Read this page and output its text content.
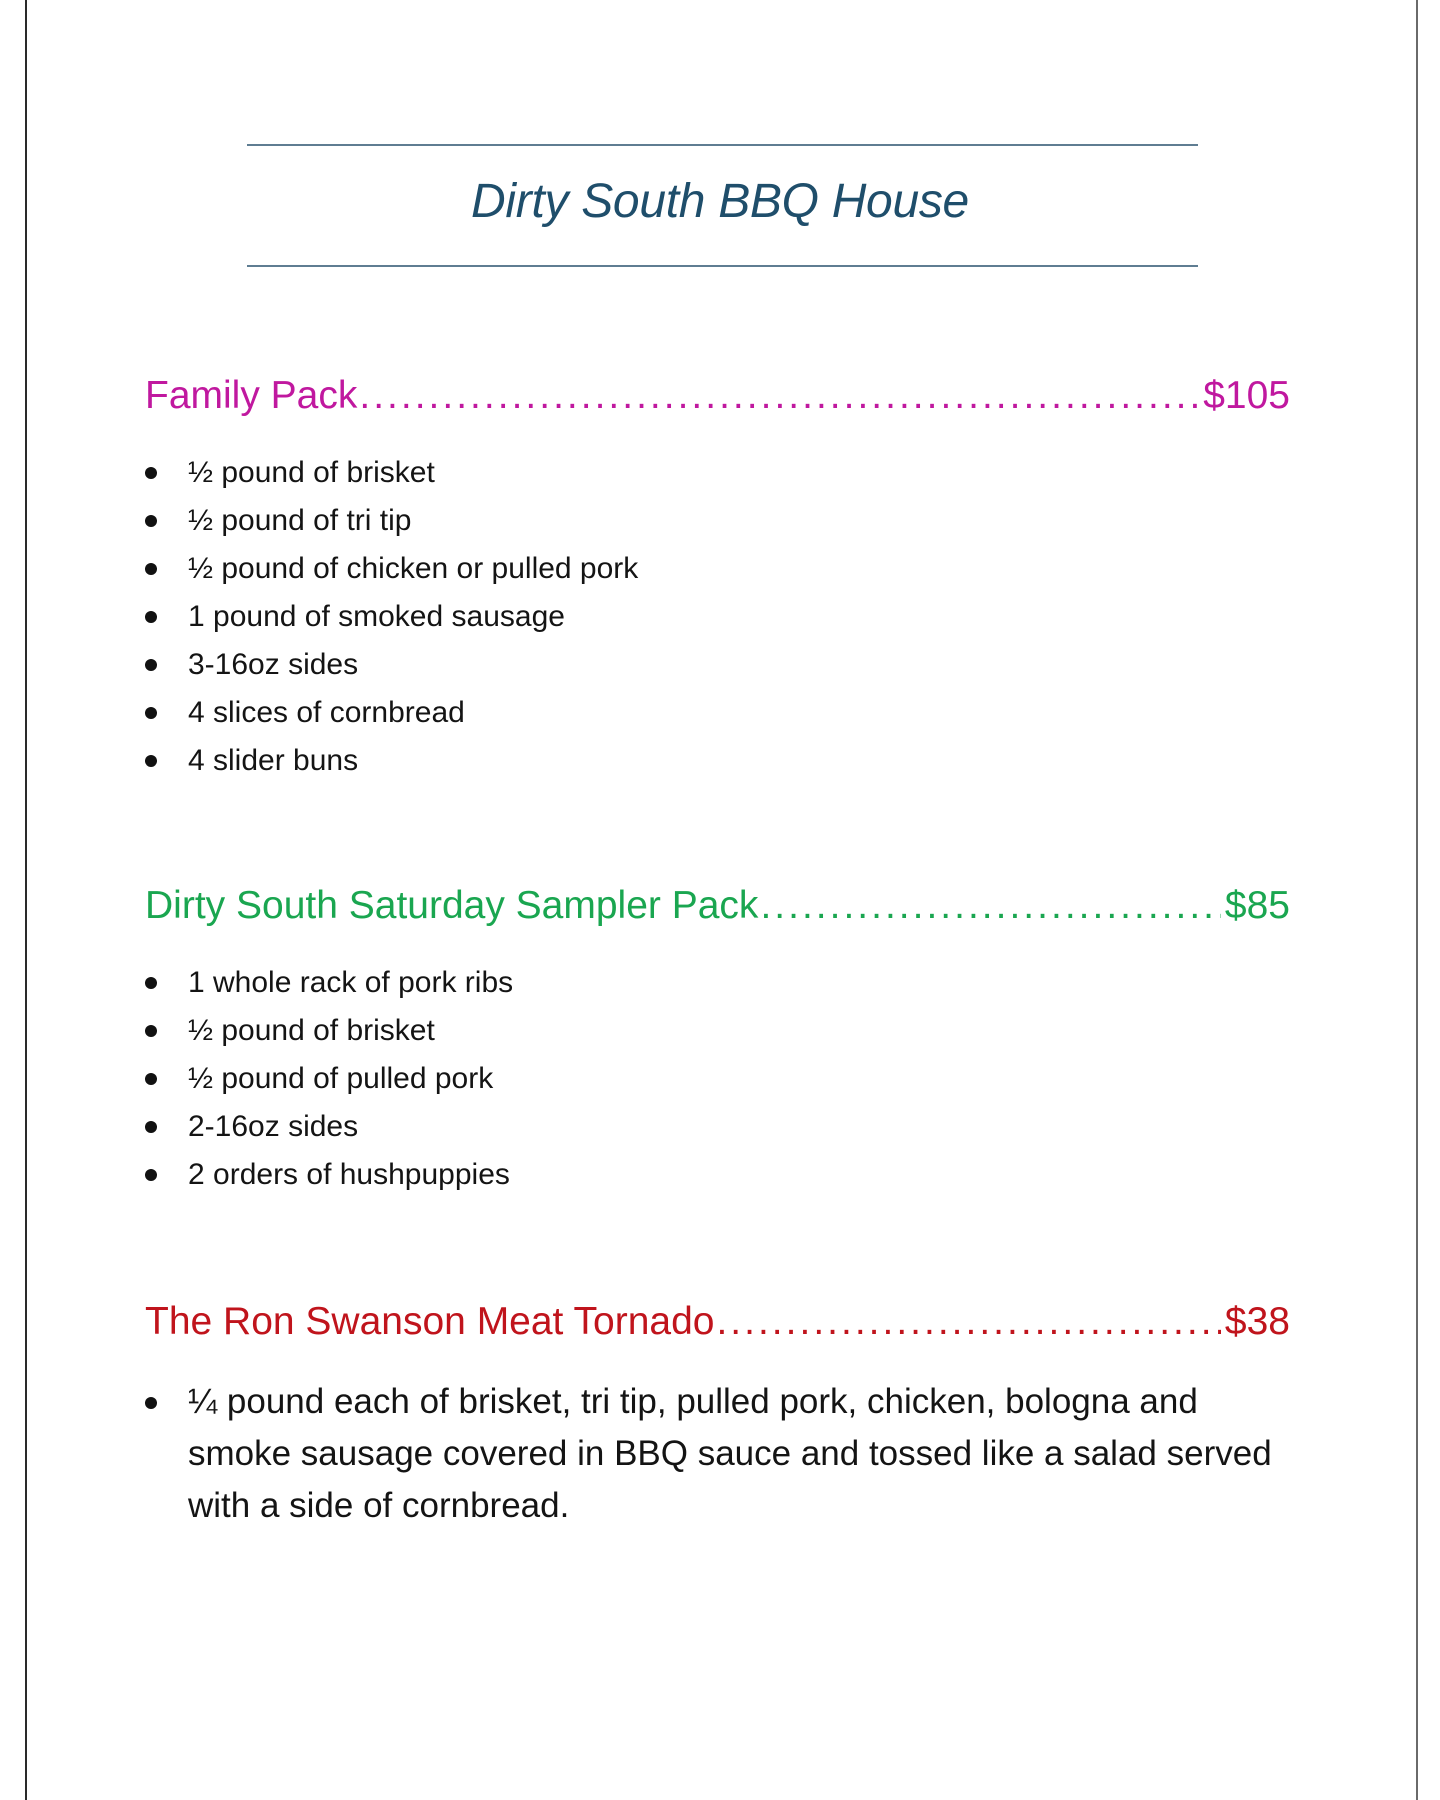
Dirty South BBQ House
Family Pack .....	$105
½ pound of brisket
½ pound of tri tip
½ pound of chicken or pulled pork
1 pound of smoked sausage
3-16oz sides
4 slices of cornbread
4 slider buns
Dirty South Saturday Sampler Pack .....	$85
1 whole rack of pork ribs
½ pound of brisket
½ pound of pulled pork
2-16oz sides
2 orders of hushpuppies
The Ron Swanson Meat Tornado .....	$38
¼ pound each of brisket, tri tip, pulled pork, chicken, bologna and smoke sausage covered in BBQ sauce and tossed like a salad served with a side of cornbread.
